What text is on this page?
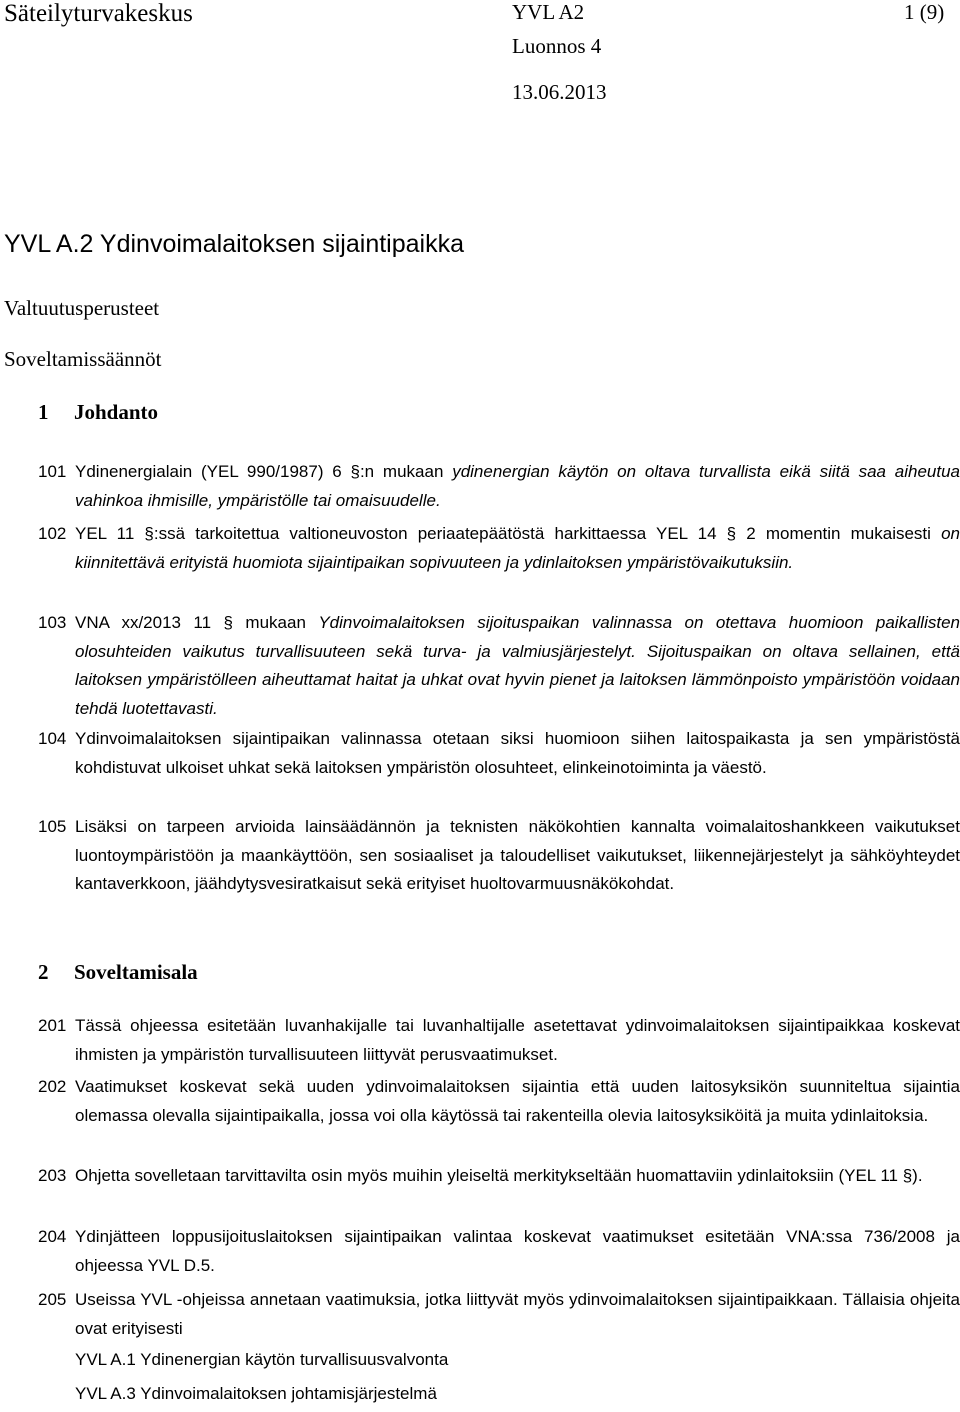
Säteilyturvakeskus	YVL A2
Luonnos 4
1 (9)
13.06.2013
YVL A.2 Ydinvoimalaitoksen sijaintipaikka
Valtuutusperusteet
Soveltamissäännöt
1 Johdanto
101 Ydinenergialain (YEL 990/1987) 6 §:n mukaan ydinenergian käytön on oltava turvallista eikä siitä saa aiheutua vahinkoa ihmisille, ympäristölle tai omaisuudelle.
102 YEL 11 §:ssä tarkoitettua valtioneuvoston periaatepäätöstä harkittaessa YEL 14 § 2 momentin mukaisesti on kiinnitettävä erityistä huomiota sijaintipaikan sopivuuteen ja ydinlaitoksen ympäristövaikutuksiin.
103 VNA xx/2013 11 § mukaan Ydinvoimalaitoksen sijoituspaikan valinnassa on otettava huomioon paikallisten olosuhteiden vaikutus turvallisuuteen sekä turva- ja valmiusjärjestelyt. Sijoituspaikan on oltava sellainen, että laitoksen ympäristölleen aiheuttamat haitat ja uhkat ovat hyvin pienet ja laitoksen lämmönpoisto ympäristöön voidaan tehdä luotettavasti.
104 Ydinvoimalaitoksen sijaintipaikan valinnassa otetaan siksi huomioon siihen laitospaikasta ja sen ympäristöstä kohdistuvat ulkoiset uhkat sekä laitoksen ympäristön olosuhteet, elinkeinotoiminta ja väestö.
105 Lisäksi on tarpeen arvioida lainsäädännön ja teknisten näkökohtien kannalta voimalaitoshankkeen vaikutukset luontoympäristöön ja maankäyttöön, sen sosiaaliset ja taloudelliset vaikutukset, liikennejärjestelyt ja sähköyhteydet kantaverkkoon, jäähdytysvesiratkaisut sekä erityiset huoltovarmuusnäkökohdat.
2 Soveltamisala
201 Tässä ohjeessa esitetään luvanhakijalle tai luvanhaltijalle asetettavat ydinvoimalaitoksen sijaintipaikkaa koskevat ihmisten ja ympäristön turvallisuuteen liittyvät perusvaatimukset.
202 Vaatimukset koskevat sekä uuden ydinvoimalaitoksen sijaintia että uuden laitosyksikön suunniteltua sijaintia olemassa olevalla sijaintipaikalla, jossa voi olla käytössä tai rakenteilla olevia laitosyksiköitä ja muita ydinlaitoksia.
203 Ohjetta sovelletaan tarvittavilta osin myös muihin yleiseltä merkitykseltään huomattaviin ydinlaitoksiin (YEL 11 §).
204 Ydinjätteen loppusijoituslaitoksen sijaintipaikan valintaa koskevat vaatimukset esitetään VNA:ssa 736/2008 ja ohjeessa YVL D.5.
205 Useissa YVL -ohjeissa annetaan vaatimuksia, jotka liittyvät myös ydinvoimalaitoksen sijaintipaikkaan. Tällaisia ohjeita ovat erityisesti
YVL A.1 Ydinenergian käytön turvallisuusvalvonta
YVL A.3 Ydinvoimalaitoksen johtamisjärjestelmä
